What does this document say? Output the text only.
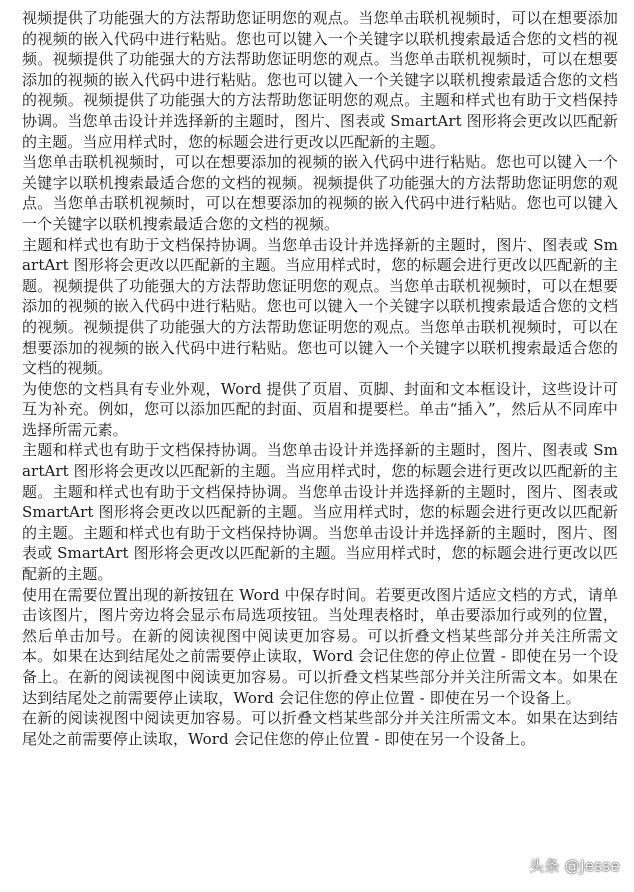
视频提供了功能强大的方法帮助您证明您的观点。当您单击联机视频时，可以在想要添加的视频的嵌入代码中进行粘贴。您也可以键入一个关键字以联机搜索最适合您的文档的视频。视频提供了功能强大的方法帮助您证明您的观点。当您单击联机视频时，可以在想要添加的视频的嵌入代码中进行粘贴。您也可以键入一个关键字以联机搜索最适合您的文档的视频。视频提供了功能强大的方法帮助您证明您的观点。主题和样式也有助于文档保持协调。当您单击设计并选择新的主题时，图片、图表或 SmartArt 图形将会更改以匹配新的主题。当应用样式时，您的标题会进行更改以匹配新的主题。

当您单击联机视频时，可以在想要添加的视频的嵌入代码中进行粘贴。您也可以键入一个关键字以联机搜索最适合您的文档的视频。视频提供了功能强大的方法帮助您证明您的观点。当您单击联机视频时，可以在想要添加的视频的嵌入代码中进行粘贴。您也可以键入一个关键字以联机搜索最适合您的文档的视频。

主题和样式也有助于文档保持协调。当您单击设计并选择新的主题时，图片、图表或 SmartArt 图形将会更改以匹配新的主题。当应用样式时，您的标题会进行更改以匹配新的主题。视频提供了功能强大的方法帮助您证明您的观点。当您单击联机视频时，可以在想要添加的视频的嵌入代码中进行粘贴。您也可以键入一个关键字以联机搜索最适合您的文档的视频。视频提供了功能强大的方法帮助您证明您的观点。当您单击联机视频时，可以在想要添加的视频的嵌入代码中进行粘贴。您也可以键入一个关键字以联机搜索最适合您的文档的视频。

为使您的文档具有专业外观，Word 提供了页眉、页脚、封面和文本框设计，这些设计可互为补充。例如，您可以添加匹配的封面、页眉和提要栏。单击“插入”，然后从不同库中选择所需元素。

主题和样式也有助于文档保持协调。当您单击设计并选择新的主题时，图片、图表或 SmartArt 图形将会更改以匹配新的主题。当应用样式时，您的标题会进行更改以匹配新的主题。主题和样式也有助于文档保持协调。当您单击设计并选择新的主题时，图片、图表或 SmartArt 图形将会更改以匹配新的主题。当应用样式时，您的标题会进行更改以匹配新的主题。主题和样式也有助于文档保持协调。当您单击设计并选择新的主题时，图片、图表或 SmartArt 图形将会更改以匹配新的主题。当应用样式时，您的标题会进行更改以匹配新的主题。

使用在需要位置出现的新按钮在 Word 中保存时间。若要更改图片适应文档的方式，请单击该图片，图片旁边将会显示布局选项按钮。当处理表格时，单击要添加行或列的位置，然后单击加号。在新的阅读视图中阅读更加容易。可以折叠文档某些部分并关注所需文本。如果在达到结尾处之前需要停止读取，Word 会记住您的停止位置 - 即使在另一个设备上。在新的阅读视图中阅读更加容易。可以折叠文档某些部分并关注所需文本。如果在达到结尾处之前需要停止读取，Word 会记住您的停止位置 - 即使在另一个设备上。

在新的阅读视图中阅读更加容易。可以折叠文档某些部分并关注所需文本。如果在达到结尾处之前需要停止读取，Word 会记住您的停止位置 - 即使在另一个设备上。

头条 @Jesse
